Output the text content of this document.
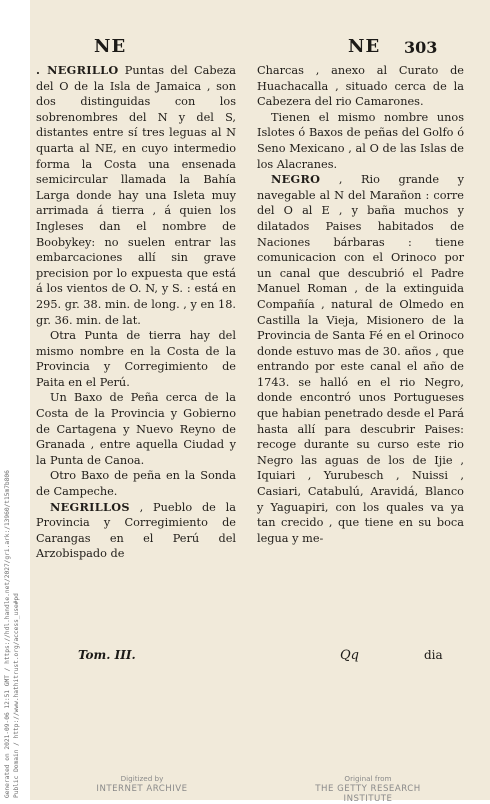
Generated on 2021-09-06 12:51 GMT / https://hdl.handle.net/2027/gri.ark:/13960/t15m7b806 Public Domain / http://www.hathitrust.org/access_use#pd
NE	NE 303

. NEGRILLO Puntas del Cabeza del O de la Isla de Jamaica , son dos distinguidas con los sobrenombres del N y del S, distantes entre sí tres leguas al N quarta al NE, en cuyo intermedio forma la Costa una ensenada semicircular llamada la Bahía Larga donde hay una Isleta muy arrimada á tierra , á quien los Ingleses dan el nombre de Boobykey: no suelen entrar las embarcaciones allí sin grave precision por lo expuesta que está á los vientos de O. N, y S. : está en 295. gr. 38. min. de long. , y en 18. gr. 36. min. de lat.

Otra Punta de tierra hay del mismo nombre en la Costa de la Provincia y Corregimiento de Paita en el Perú.

Un Baxo de Peña cerca de la Costa de la Provincia y Gobierno de Cartagena y Nuevo Reyno de Granada , entre aquella Ciudad y la Punta de Canoa.

Otro Baxo de peña en la Sonda de Campeche.

NEGRILLOS , Pueblo de la Provincia y Corregimiento de Carangas en el Perú del Arzobispado de

Charcas , anexo al Curato de Huachacalla , situado cerca de la Cabezera del rio Camarones.

Tienen el mismo nombre unos Islotes ó Baxos de peñas del Golfo ó Seno Mexicano , al O de las Islas de los Alacranes.

NEGRO , Rio grande y navegable al N del Marañon : corre del O al E , y baña muchos y dilatados Paises habitados de Naciones bárbaras : tiene comunicacion con el Orinoco por un canal que descubrió el Padre Manuel Roman , de la extinguida Compañía , natural de Olmedo en Castilla la Vieja, Misionero de la Provincia de Santa Fé en el Orinoco donde estuvo mas de 30. años , que entrando por este canal el año de 1743. se halló en el rio Negro, donde encontró unos Portugueses que habian penetrado desde el Pará hasta allí para descubrir Paises: recoge durante su curso este rio Negro las aguas de los de Ijie , Iquiari , Yurubesch , Nuissi , Casiari, Catabulú, Aravidá, Blanco y Yaguapiri, con los quales va ya tan crecido , que tiene en su boca legua y me-

Tom. III.	Qq	dia
Digitized by
INTERNET ARCHIVE
Original from
THE GETTY RESEARCH INSTITUTE
